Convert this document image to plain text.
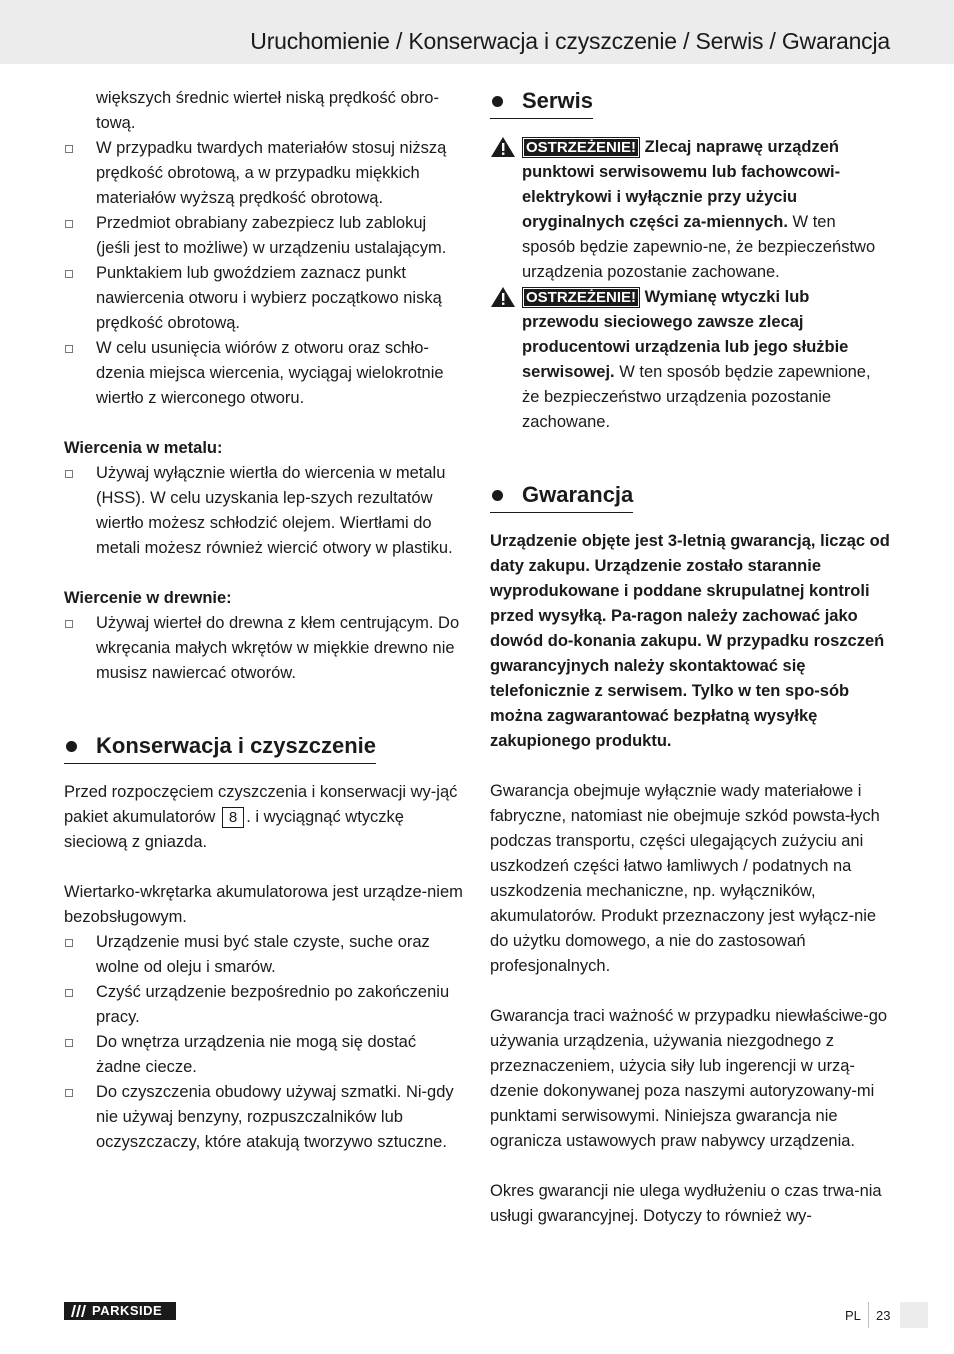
Uruchomienie / Konserwacja i czyszczenie / Serwis / Gwarancja

większych średnic wierteł niską prędkość obro-tową.

W przypadku twardych materiałów stosuj niższą prędkość obrotową, a w przypadku miękkich materiałów wyższą prędkość obrotową.

Przedmiot obrabiany zabezpiecz lub zablokuj (jeśli jest to możliwe) w urządzeniu ustalającym.

Punktakiem lub gwoździem zaznacz punkt nawiercenia otworu i wybierz początkowo niską prędkość obrotową.

W celu usunięcia wiórów z otworu oraz schło-dzenia miejsca wiercenia, wyciągaj wielokrotnie wiertło z wierconego otworu.

Wiercenia w metalu:

Używaj wyłącznie wiertła do wiercenia w metalu (HSS). W celu uzyskania lep-szych rezultatów wiertło możesz schłodzić olejem. Wiertłami do metali możesz również wiercić otwory w plastiku.

Wiercenie w drewnie:

Używaj wierteł do drewna z kłem centrującym. Do wkręcania małych wkrętów w miękkie drewno nie musisz nawiercać otworów.

Konserwacja i czyszczenie

Przed rozpoczęciem czyszczenia i konserwacji wy-jąć pakiet akumulatorów 8 . i wyciągnąć wtyczkę sieciową z gniazda.

Wiertarko-wkrętarka akumulatorowa jest urządze-niem bezobsługowym.

Urządzenie musi być stale czyste, suche oraz wolne od oleju i smarów.

Czyść urządzenie bezpośrednio po zakończeniu pracy.

Do wnętrza urządzenia nie mogą się dostać żadne ciecze.

Do czyszczenia obudowy używaj szmatki. Ni-gdy nie używaj benzyny, rozpuszczalników lub oczyszczaczy, które atakują tworzywo sztuczne.

Serwis

OSTRZEŻENIE! Zlecaj naprawę urządzeń punktowi serwisowemu lub fachowcowi-elektrykowi i wyłącznie przy użyciu oryginalnych części za-miennych. W ten sposób będzie zapewnio-ne, że bezpieczeństwo urządzenia pozostanie zachowane.

OSTRZEŻENIE! Wymianę wtyczki lub przewodu sieciowego zawsze zlecaj producentowi urządzenia lub jego służbie serwisowej. W ten sposób będzie zapewnione, że bezpieczeństwo urządzenia pozostanie zachowane.

Gwarancja

Urządzenie objęte jest 3-letnią gwarancją, licząc od daty zakupu. Urządzenie zostało starannie wyprodukowane i poddane skrupulatnej kontroli przed wysyłką. Pa-ragon należy zachować jako dowód do-konania zakupu. W przypadku roszczeń gwarancyjnych należy skontaktować się telefonicznie z serwisem. Tylko w ten spo-sób można zagwarantować bezpłatną wysyłkę zakupionego produktu.

Gwarancja obejmuje wyłącznie wady materiałowe i fabryczne, natomiast nie obejmuje szkód powsta-łych podczas transportu, części ulegających zużyciu ani uszkodzeń części łatwo łamliwych / podatnych na uszkodzenia mechaniczne, np. wyłączników, akumulatorów. Produkt przeznaczony jest wyłącz-nie do użytku domowego, a nie do zastosowań profesjonalnych.

Gwarancja traci ważność w przypadku niewłaściwe-go używania urządzenia, używania niezgodnego z przeznaczeniem, użycia siły lub ingerencji w urzą-dzenie dokonywanej poza naszymi autoryzowany-mi punktami serwisowymi. Niniejsza gwarancja nie ogranicza ustawowych praw nabywcy urządzenia.

Okres gwarancji nie ulega wydłużeniu o czas trwa-nia usługi gwarancyjnej. Dotyczy to również wy-

PARKSIDE	PL 23
